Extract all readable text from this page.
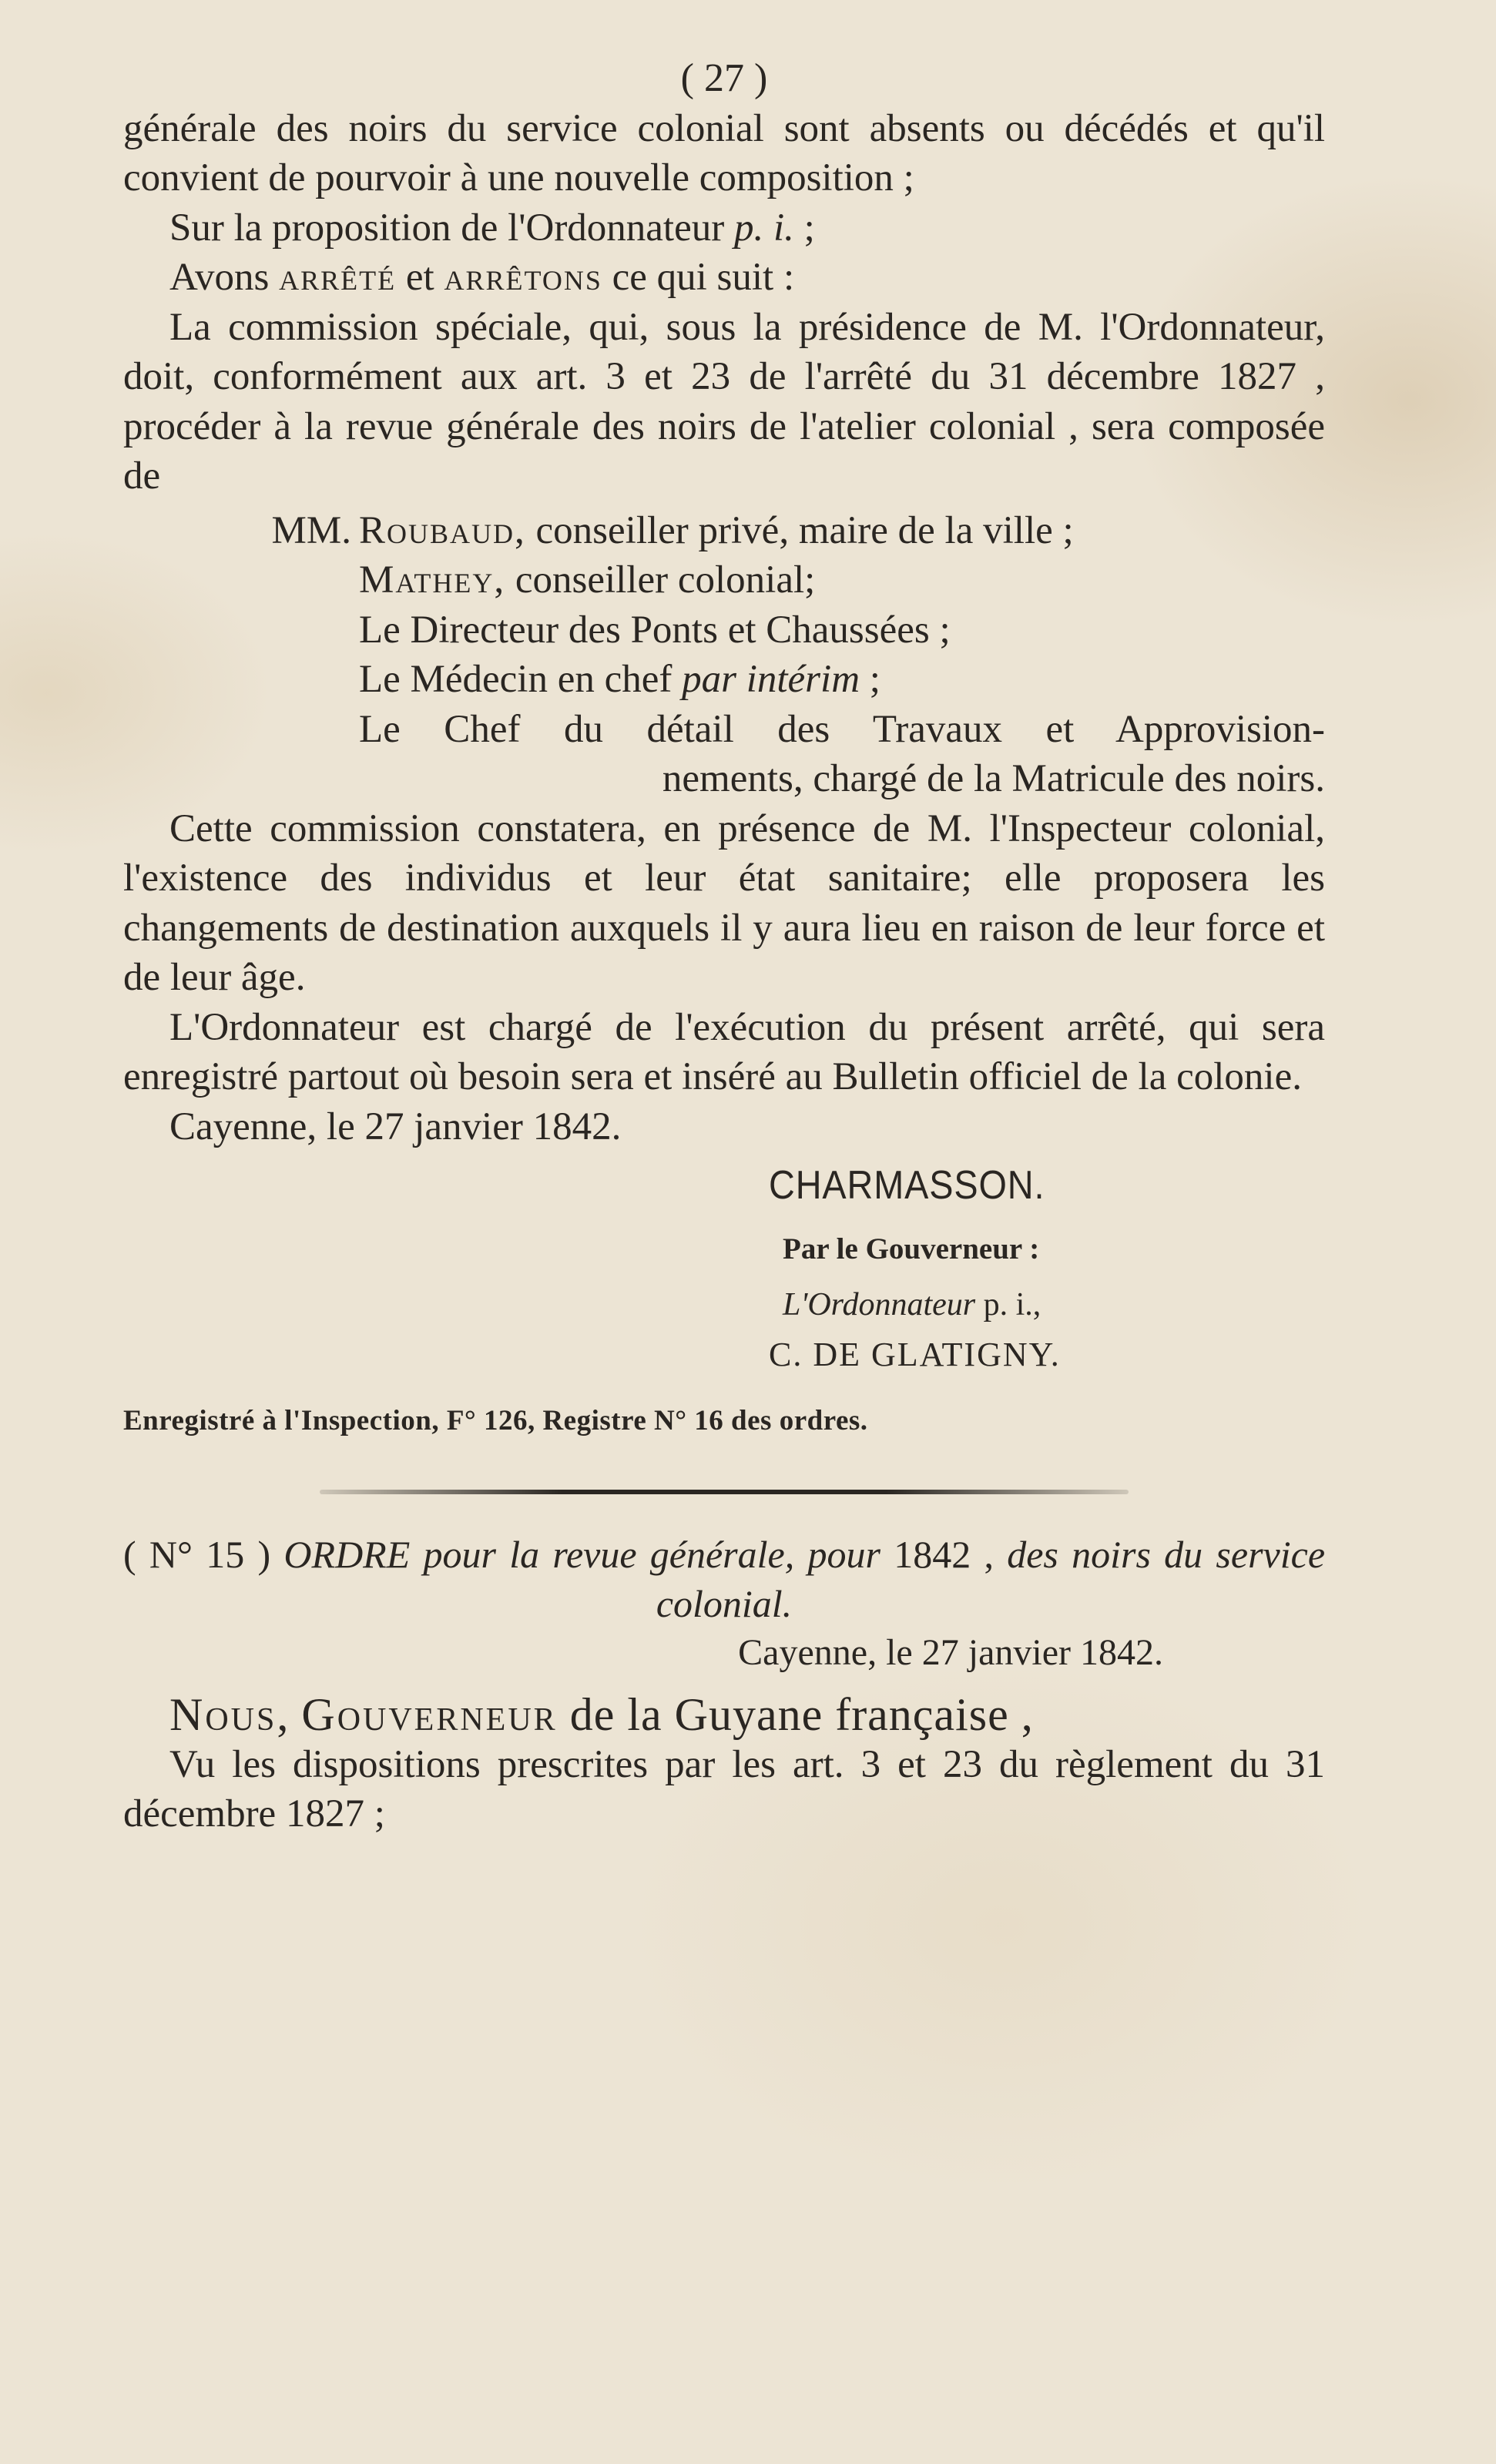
( 27 )

générale des noirs du service colonial sont absents ou décédés et qu'il convient de pourvoir à une nouvelle composition ;

Sur la proposition de l'Ordonnateur p. i. ;

Avons arrêté et arrêtons ce qui suit :

La commission spéciale, qui, sous la présidence de M. l'Ordonnateur, doit, conformément aux art. 3 et 23 de l'arrêté du 31 décembre 1827 , procéder à la revue générale des noirs de l'atelier colonial , sera composée de

MM. Roubaud, conseiller privé, maire de la ville ;
Mathey, conseiller colonial;
Le Directeur des Ponts et Chaussées ;
Le Médecin en chef par intérim ;
Le Chef du détail des Travaux et Approvision-
nements, chargé de la Matricule des noirs.

Cette commission constatera, en présence de M. l'Inspecteur colonial, l'existence des individus et leur état sanitaire; elle proposera les changements de destination auxquels il y aura lieu en raison de leur force et de leur âge.

L'Ordonnateur est chargé de l'exécution du présent arrêté, qui sera enregistré partout où besoin sera et inséré au Bulletin officiel de la colonie.

Cayenne, le 27 janvier 1842.

CHARMASSON.

Par le Gouverneur :

L'Ordonnateur p. i.,

C. DE GLATIGNY.

Enregistré à l'Inspection, F° 126, Registre N° 16 des ordres.

( N° 15 ) ORDRE pour la revue générale, pour 1842 , des noirs du service colonial.

Cayenne, le 27 janvier 1842.

Nous, Gouverneur de la Guyane française ,

Vu les dispositions prescrites par les art. 3 et 23 du règlement du 31 décembre 1827 ;
